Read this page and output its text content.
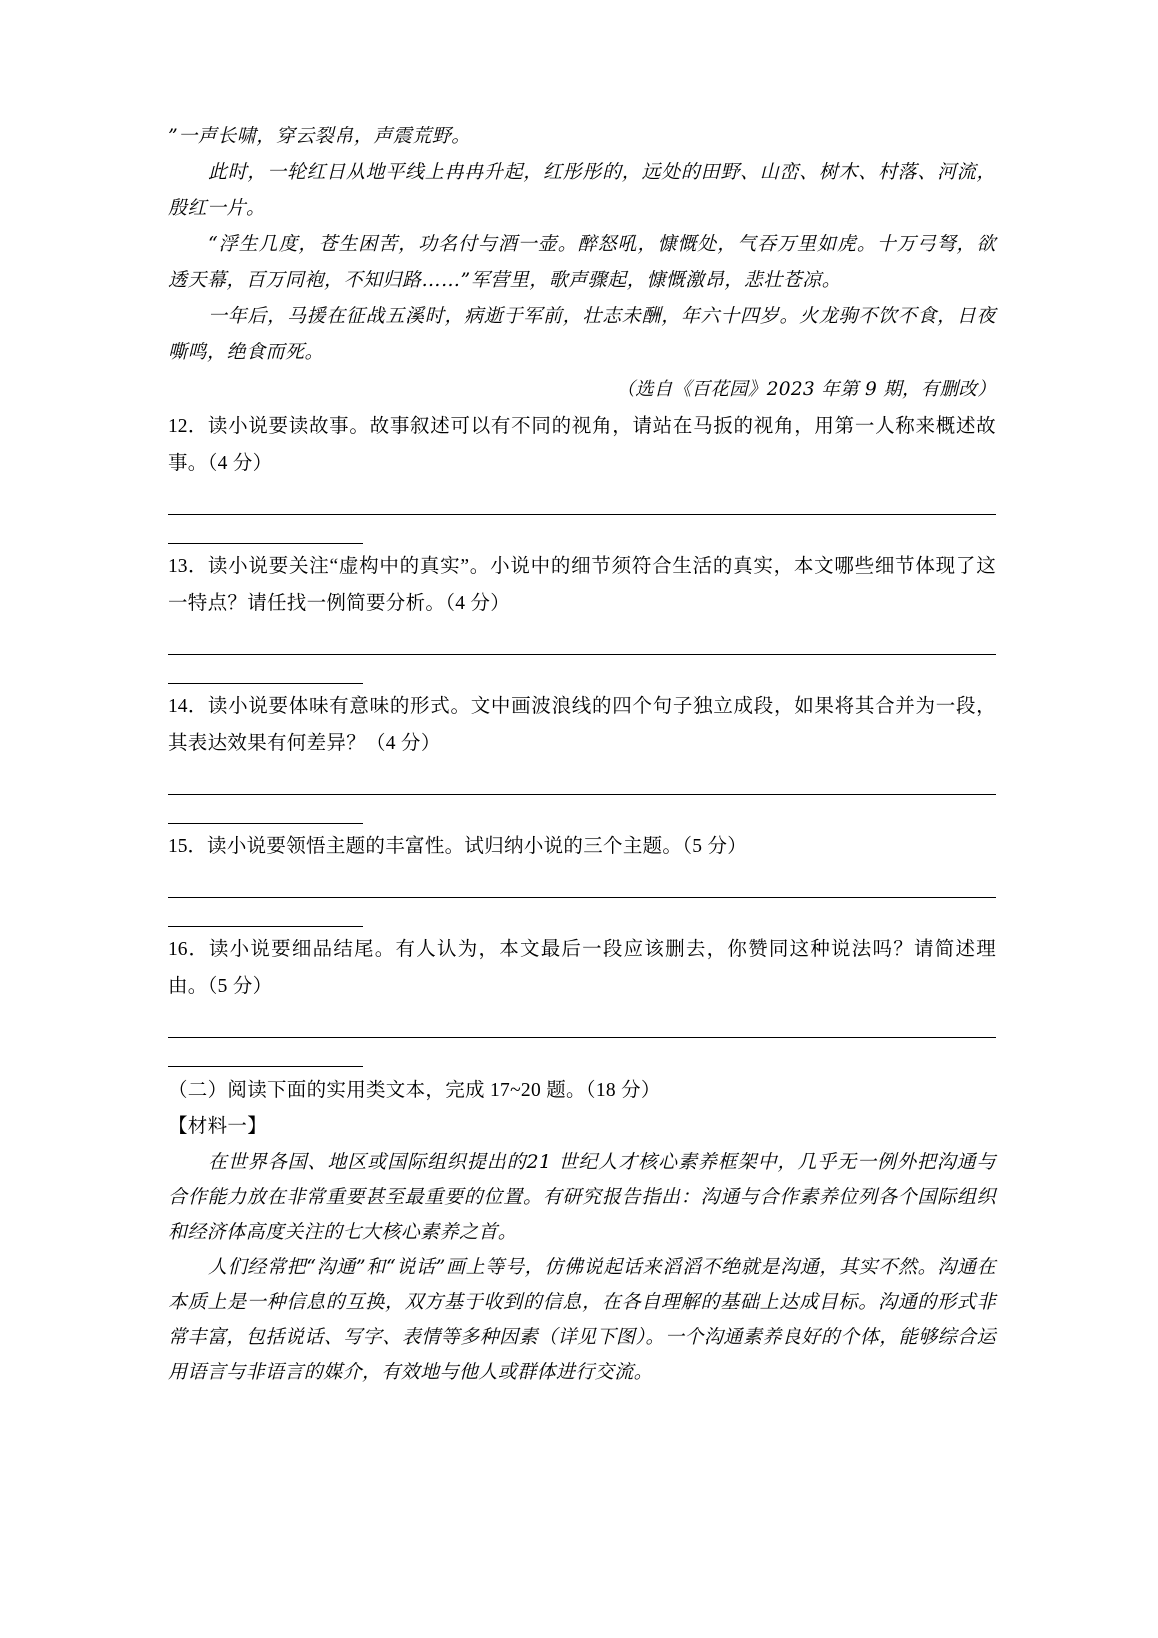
”一声长啸，穿云裂帛，声震荒野。

此时，一轮红日从地平线上冉冉升起，红彤彤的，远处的田野、山峦、树木、村落、河流，殷红一片。

“浮生几度，苍生困苦，功名付与酒一壶。醉怒吼，慷慨处，气吞万里如虎。十万弓弩，欲透天幕，百万同袍，不知归路……”军营里，歌声骤起，慷慨激昂，悲壮苍凉。

一年后，马援在征战五溪时，病逝于军前，壮志未酬，年六十四岁。火龙驹不饮不食，日夜嘶鸣，绝食而死。

（选自《百花园》2023 年第 9 期，有删改）

12．读小说要读故事。故事叙述可以有不同的视角，请站在马扳的视角，用第一人称来概述故事。（4 分）

13．读小说要关注“虚构中的真实”。小说中的细节须符合生活的真实，本文哪些细节体现了这一特点？请任找一例简要分析。（4 分）

14．读小说要体味有意味的形式。文中画波浪线的四个句子独立成段，如果将其合并为一段，其表达效果有何差异？（4 分）

15．读小说要领悟主题的丰富性。试归纳小说的三个主题。（5 分）

16．读小说要细品结尾。有人认为，本文最后一段应该删去，你赞同这种说法吗？请简述理由。（5 分）

（二）阅读下面的实用类文本，完成 17~20 题。（18 分）

【材料一】

在世界各国、地区或国际组织提出的21 世纪人才核心素养框架中，几乎无一例外把沟通与合作能力放在非常重要甚至最重要的位置。有研究报告指出：沟通与合作素养位列各个国际组织和经济体高度关注的七大核心素养之首。

人们经常把“沟通”和“说话”画上等号，仿佛说起话来滔滔不绝就是沟通，其实不然。沟通在本质上是一种信息的互换，双方基于收到的信息，在各自理解的基础上达成目标。沟通的形式非常丰富，包括说话、写字、表情等多种因素（详见下图）。一个沟通素养良好的个体，能够综合运用语言与非语言的媒介，有效地与他人或群体进行交流。
